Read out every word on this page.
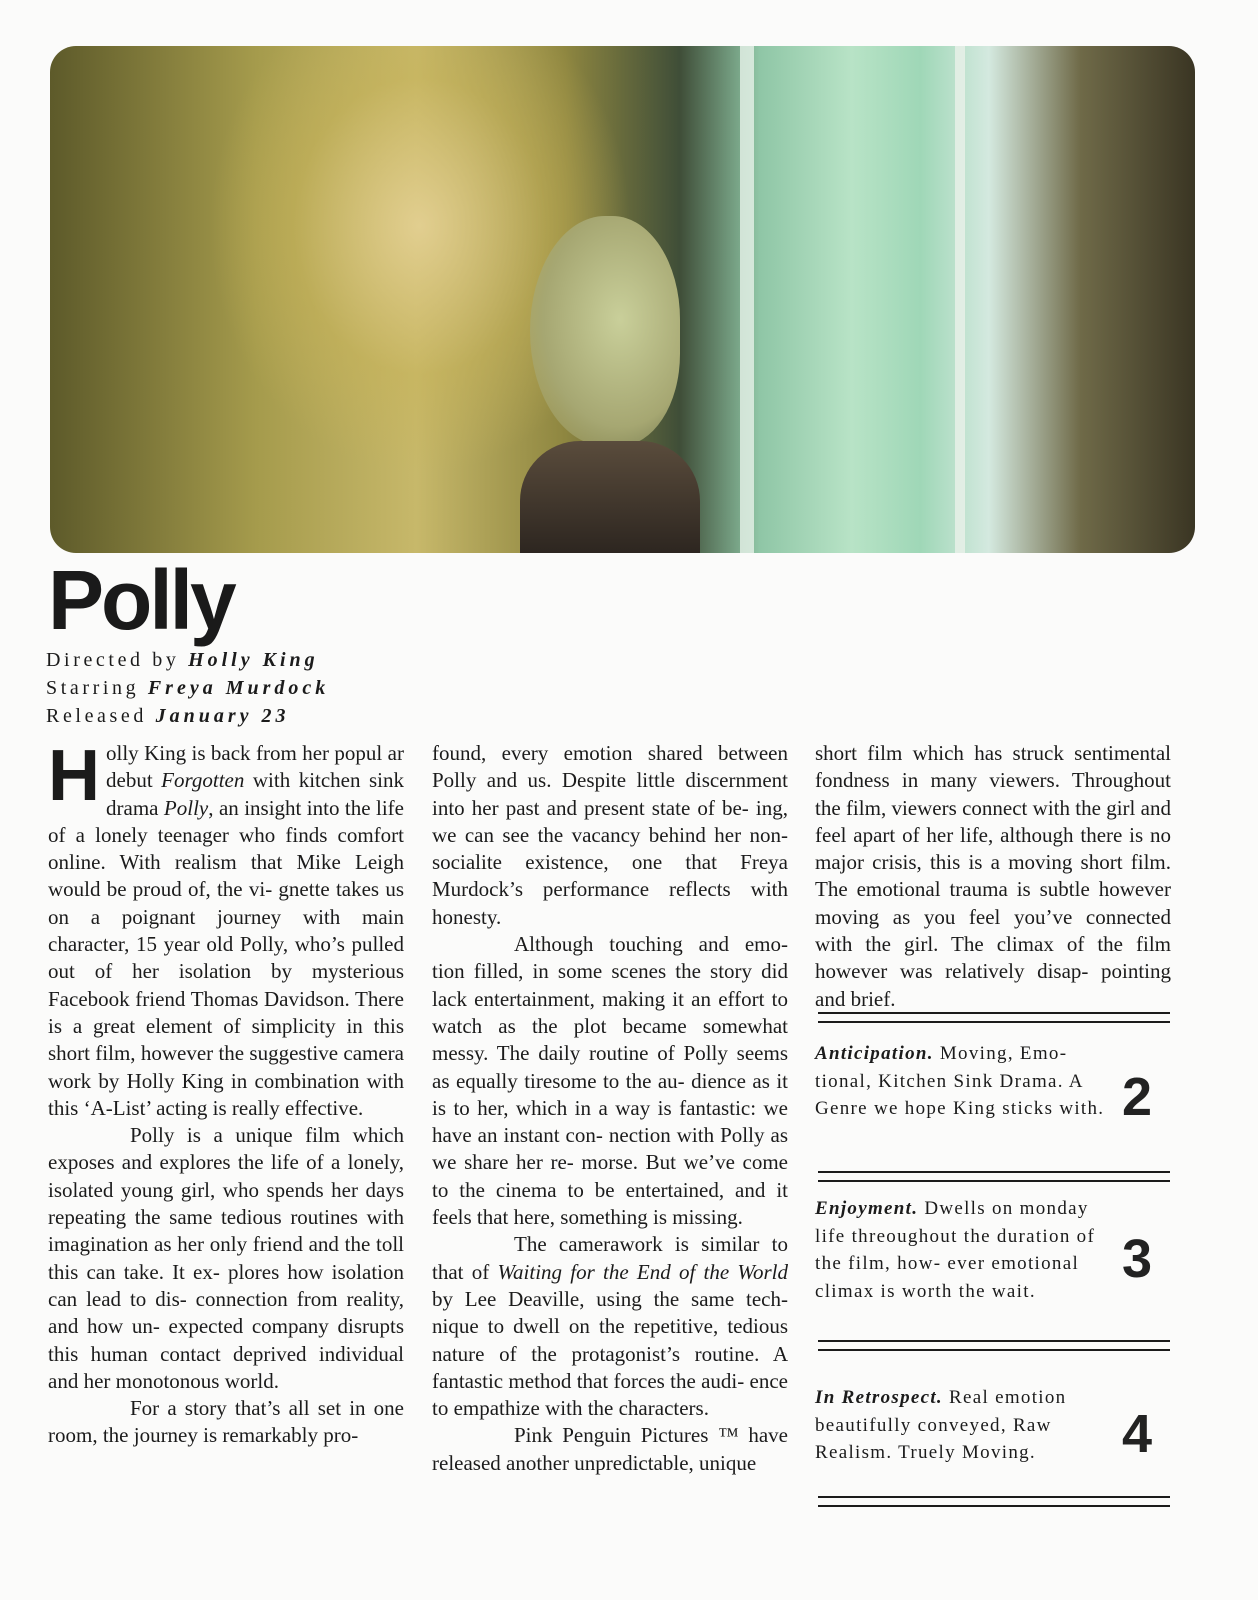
Polly
Directed by Holly King
Starring Freya Murdock
Released January 23

Holly King is back from her popul ar debut Forgotten with kitchen sink drama Polly, an insight into the life of a lonely teenager who finds comfort online. With realism that Mike Leigh would be proud of, the vi- gnette takes us on a poignant journey with main character, 15 year old Polly, who’s pulled out of her isolation by mysterious Facebook friend Thomas Davidson. There is a great element of simplicity in this short film, however the suggestive camera work by Holly King in combination with this ‘A-List’ acting is really effective.

Polly is a unique film which exposes and explores the life of a lonely, isolated young girl, who spends her days repeating the same tedious routines with imagination as her only friend and the toll this can take. It ex- plores how isolation can lead to dis- connection from reality, and how un- expected company disrupts this human contact deprived individual and her monotonous world.

For a story that’s all set in one room, the journey is remarkably pro-

found, every emotion shared between Polly and us. Despite little discernment into her past and present state of be- ing, we can see the vacancy behind her non-socialite existence, one that Freya Murdock’s performance reflects with honesty.

Although touching and emo- tion filled, in some scenes the story did lack entertainment, making it an effort to watch as the plot became somewhat messy. The daily routine of Polly seems as equally tiresome to the au- dience as it is to her, which in a way is fantastic: we have an instant con- nection with Polly as we share her re- morse. But we’ve come to the cinema to be entertained, and it feels that here, something is missing.

The camerawork is similar to that of Waiting for the End of the World by Lee Deaville, using the same tech- nique to dwell on the repetitive, tedious nature of the protagonist’s routine. A fantastic method that forces the audi- ence to empathize with the characters.

Pink Penguin Pictures ™ have released another unpredictable, unique

short film which has struck sentimental fondness in many viewers. Throughout the film, viewers connect with the girl and feel apart of her life, although there is no major crisis, this is a moving short film. The emotional trauma is subtle however moving as you feel you’ve connected with the girl. The climax of the film however was relatively disap- pointing and brief.

Anticipation. Moving, Emo- tional, Kitchen Sink Drama. A Genre we hope King sticks with. 2
Enjoyment. Dwells on monday life threoughout the duration of the film, how- ever emotional climax is worth the wait.
3
In Retrospect. Real emotion beautifully conveyed, Raw Realism. Truely Moving.	4
